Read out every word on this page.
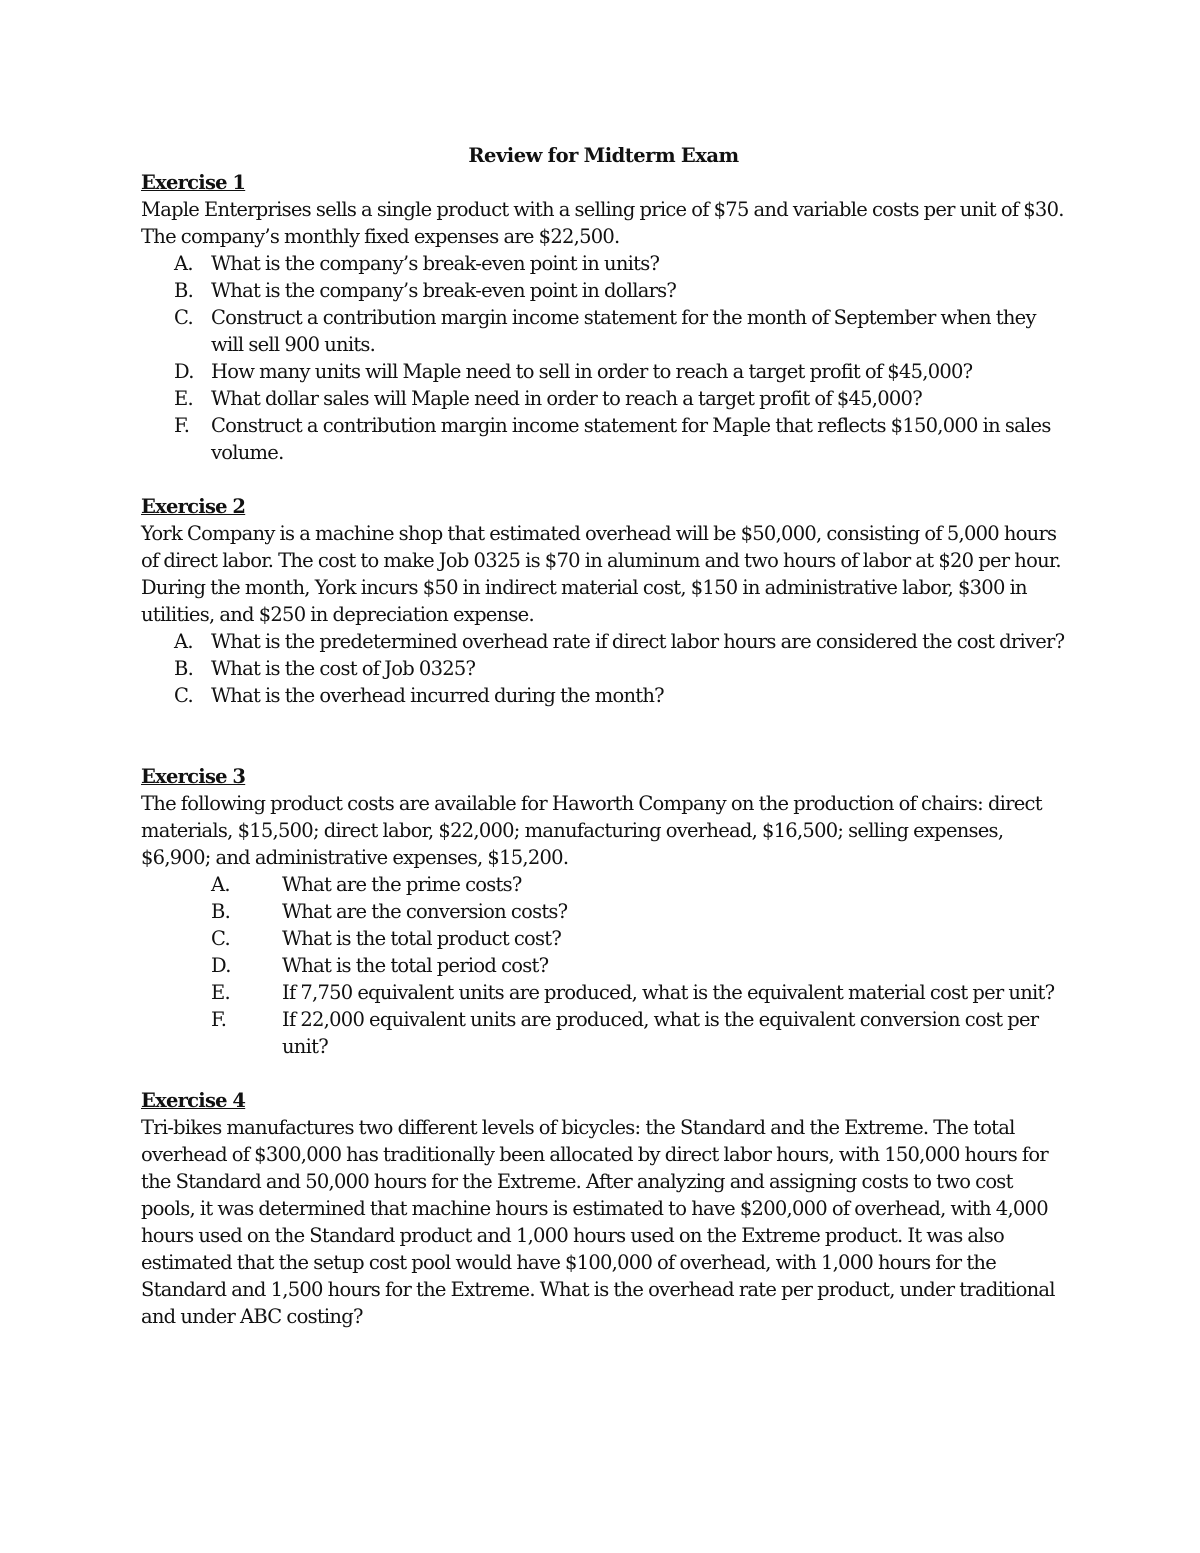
Review for Midterm Exam

Exercise 1

Maple Enterprises sells a single product with a selling price of $75 and variable costs per unit of $30. The company’s monthly fixed expenses are $22,500.

A. What is the company’s break-even point in units?
B. What is the company’s break-even point in dollars?
C. Construct a contribution margin income statement for the month of September when they will sell 900 units.
D. How many units will Maple need to sell in order to reach a target profit of $45,000?
E. What dollar sales will Maple need in order to reach a target profit of $45,000?
F. Construct a contribution margin income statement for Maple that reflects $150,000 in sales volume.

Exercise 2

York Company is a machine shop that estimated overhead will be $50,000, consisting of 5,000 hours of direct labor. The cost to make Job 0325 is $70 in aluminum and two hours of labor at $20 per hour. During the month, York incurs $50 in indirect material cost, $150 in administrative labor, $300 in utilities, and $250 in depreciation expense.

A. What is the predetermined overhead rate if direct labor hours are considered the cost driver?
B. What is the cost of Job 0325?
C. What is the overhead incurred during the month?

Exercise 3

The following product costs are available for Haworth Company on the production of chairs: direct materials, $15,500; direct labor, $22,000; manufacturing overhead, $16,500; selling expenses, $6,900; and administrative expenses, $15,200.

A.	What are the prime costs?
B.	What are the conversion costs?
C.	What is the total product cost?
D.	What is the total period cost?
E.	If 7,750 equivalent units are produced, what is the equivalent material cost per unit?
F.	If 22,000 equivalent units are produced, what is the equivalent conversion cost per unit?

Exercise 4

Tri-bikes manufactures two different levels of bicycles: the Standard and the Extreme. The total overhead of $300,000 has traditionally been allocated by direct labor hours, with 150,000 hours for the Standard and 50,000 hours for the Extreme. After analyzing and assigning costs to two cost pools, it was determined that machine hours is estimated to have $200,000 of overhead, with 4,000 hours used on the Standard product and 1,000 hours used on the Extreme product. It was also estimated that the setup cost pool would have $100,000 of overhead, with 1,000 hours for the Standard and 1,500 hours for the Extreme. What is the overhead rate per product, under traditional and under ABC costing?
